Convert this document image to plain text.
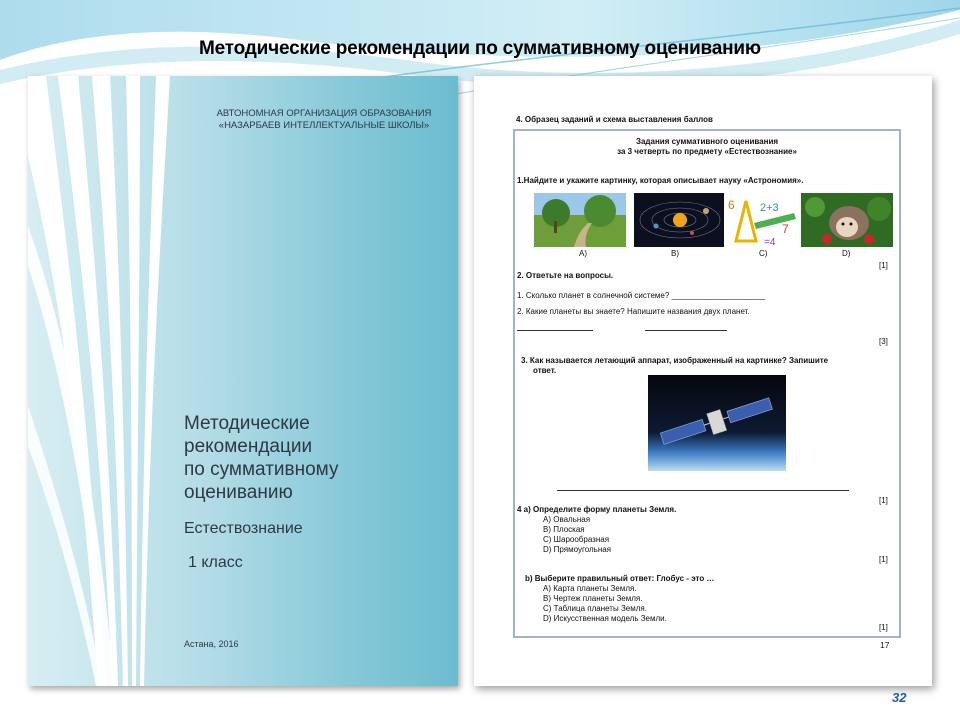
Методические рекомендации по суммативному оцениванию
АВТОНОМНАЯ ОРГАНИЗАЦИЯ ОБРАЗОВАНИЯ
«НАЗАРБАЕВ ИНТЕЛЛЕКТУАЛЬНЫЕ ШКОЛЫ»
Методические
рекомендации
по суммативному
оцениванию
Естествознание
1 класс
Астана, 2016
4. Образец заданий и схема выставления баллов
Задания суммативного оценивания
за 3 четверть по предмету «Естествознание»
1.Найдите и укажите картинку, которая описывает науку «Астрономия».
6 2+3
7
=4
A)	B)	C)	D)
[1]
2. Ответьте на вопросы.
1. Сколько планет в солнечной системе? _____________________
2. Какие планеты вы знаете? Напишите названия двух планет.
[3]
3. Как называется летающий аппарат, изображенный на картинке? Запишите
ответ.
[1]
4 а) Определите форму планеты Земля.
A) Овальная
B) Плоская
C) Шарообразная
D) Прямоугольная
[1]
b) Выберите правильный ответ: Глобус - это …
A) Карта планеты Земля.
B) Чертеж планеты Земля.
C) Таблица планеты Земля.
D) Искусственная модель Земли.
[1]
17
32
